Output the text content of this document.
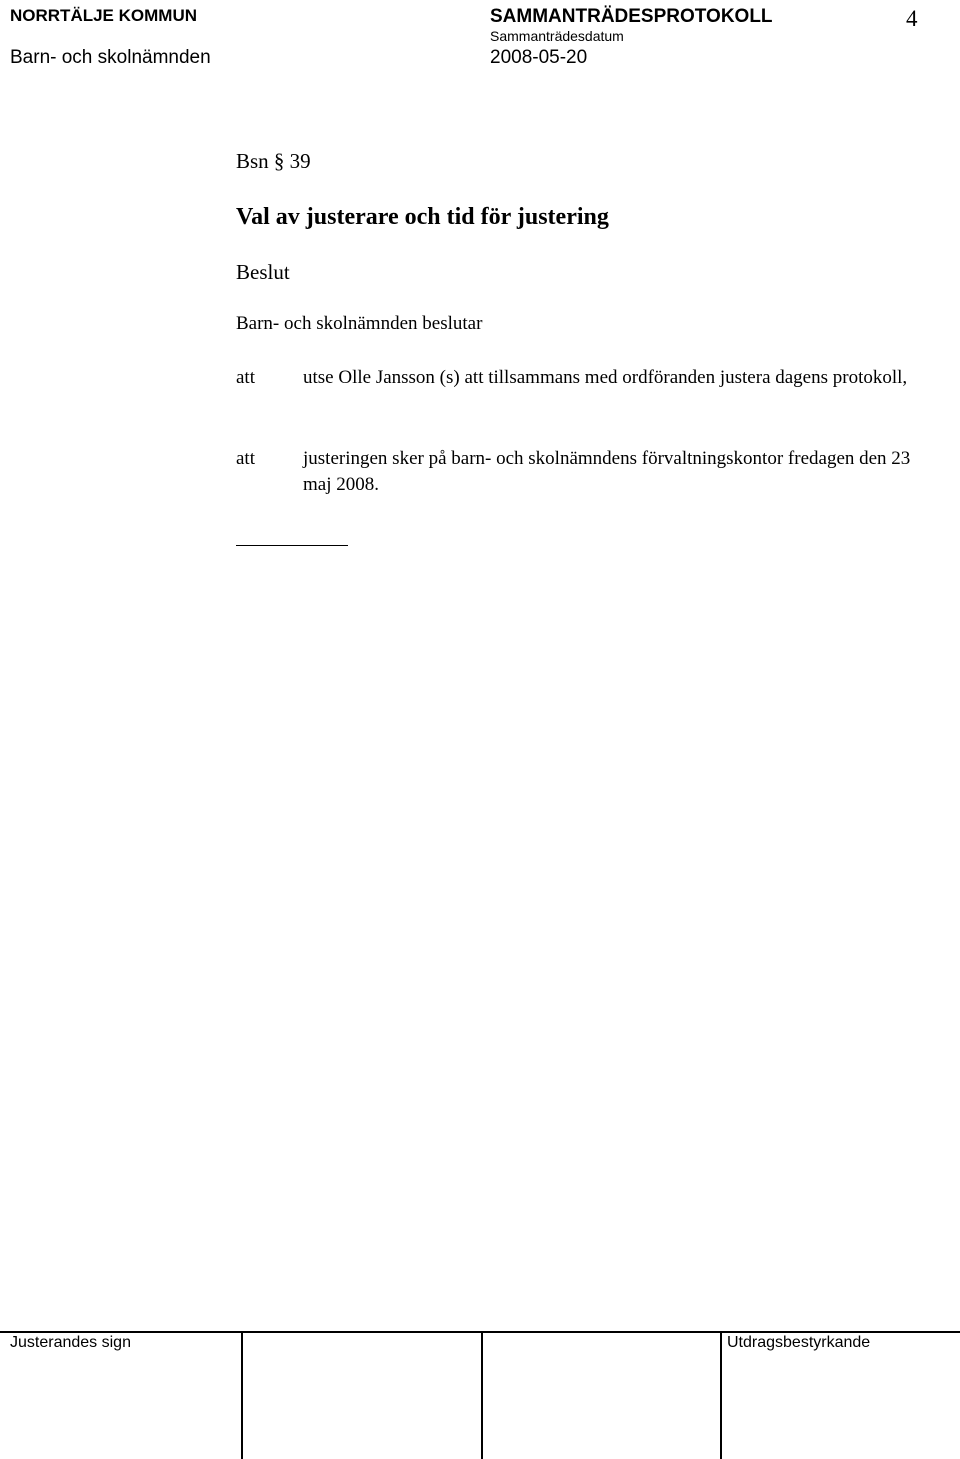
NORRTÄLJE KOMMUN
Barn- och skolnämnden
SAMMANTRÄDESPROTOKOLL
Sammanträdesdatum
2008-05-20
4
Bsn § 39
Val av justerare och tid för justering
Beslut
Barn- och skolnämnden beslutar
att	utse Olle Jansson (s) att tillsammans med ordföranden justera dagens protokoll,
att	justeringen sker på barn- och skolnämndens förvaltningskontor fredagen den 23 maj 2008.
Justerandes sign	Utdragsbestyrkande
